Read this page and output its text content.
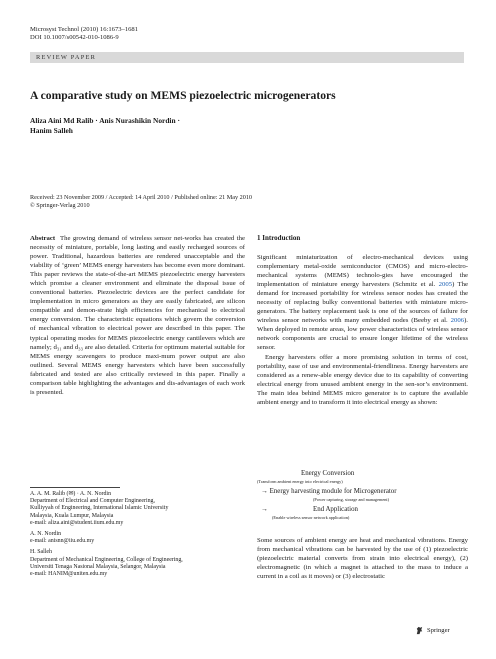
Microsyst Technol (2010) 16:1673–1681
DOI 10.1007/s00542-010-1086-9
REVIEW PAPER
A comparative study on MEMS piezoelectric microgenerators
Aliza Aini Md Ralib · Anis Nurashikin Nordin ·
Hanim Salleh
Received: 23 November 2009 / Accepted: 14 April 2010 / Published online: 21 May 2010
© Springer-Verlag 2010

Abstract The growing demand of wireless sensor net-works has created the necessity of miniature, portable, long lasting and easily recharged sources of power. Traditional, hazardous batteries are rendered unacceptable and the viability of ‘green’ MEMS energy harvesters has become even more dominant. This paper reviews the state-of-the-art MEMS piezoelectric energy harvesters which promise a cleaner environment and eliminate the disposal issue of conventional batteries. Piezoelectric devices are the perfect candidate for implementation in micro generators as they are easily fabricated, are silicon compatible and demon-strate high efficiencies for mechanical to electrical energy conversion. The characteristic equations which govern the conversion of mechanical vibration to electrical power are described in this paper. The typical operating modes for MEMS piezoelectric energy cantilevers which are namely; d₃₁ and d₃₃ are also detailed. Criteria for optimum material suitable for MEMS energy scavengers to produce maxi-mum power output are also outlined. Several MEMS energy harvesters which have been successfully fabricated and tested are also critically reviewed in this paper. Finally a comparison table highlighting the advantages and dis-advantages of each work is presented.

A. A. M. Ralib (✉) · A. N. Nordin
Department of Electrical and Computer Engineering,
Kulliyyah of Engineering, International Islamic University
Malaysia, Kuala Lumpur, Malaysia
e-mail: aliza.aini@student.iium.edu.my

A. N. Nordin
e-mail: anisnn@iiu.edu.my

H. Salleh
Department of Mechanical Engineering, College of Engineering,
Universiti Tenaga Nasional Malaysia, Selangor, Malaysia
e-mail: HANIM@uniten.edu.my

1 Introduction

Significant miniaturization of electro-mechanical devices using complementary metal-oxide semiconductor (CMOS) and micro-electro-mechanical systems (MEMS) technolo-gies have encouraged the implementation of miniature energy harvesters (Schmitz et al. 2005) The demand for increased portability for wireless sensor nodes has created the necessity of replacing bulky conventional batteries with miniature micro-generators. The battery replacement task is one of the sources of failure for wireless sensor networks with many embedded nodes (Beeby et al. 2006). When deployed in remote areas, low power characteristics of wireless sensor network components are crucial to ensure longer lifetime of the wireless sensor.

Energy harvesters offer a more promising solution in terms of cost, portability, ease of use and environmental-friendliness. Energy harvesters are considered as a renew-able energy device due to its capability of converting electrical energy from unused ambient energy in the sen-sor’s environment. The main idea behind MEMS micro generator is to capture the available ambient energy and to transform it into electrical energy as shown:

Energy Conversion
(Transform ambient energy into electrical energy)
→ Energy harvesting module for Microgenerator
(Power capturing, storage and management)
→	End Application
(Enable wireless sensor network application)

Some sources of ambient energy are heat and mechanical vibrations. Energy from mechanical vibrations can be harvested by the use of (1) piezoelectric (piezoelectric material converts from strain into electrical energy), (2) electromagnetic (in which a magnet is attached to the mass to induce a current in a coil as it moves) or (3) electrostatic

Springer
